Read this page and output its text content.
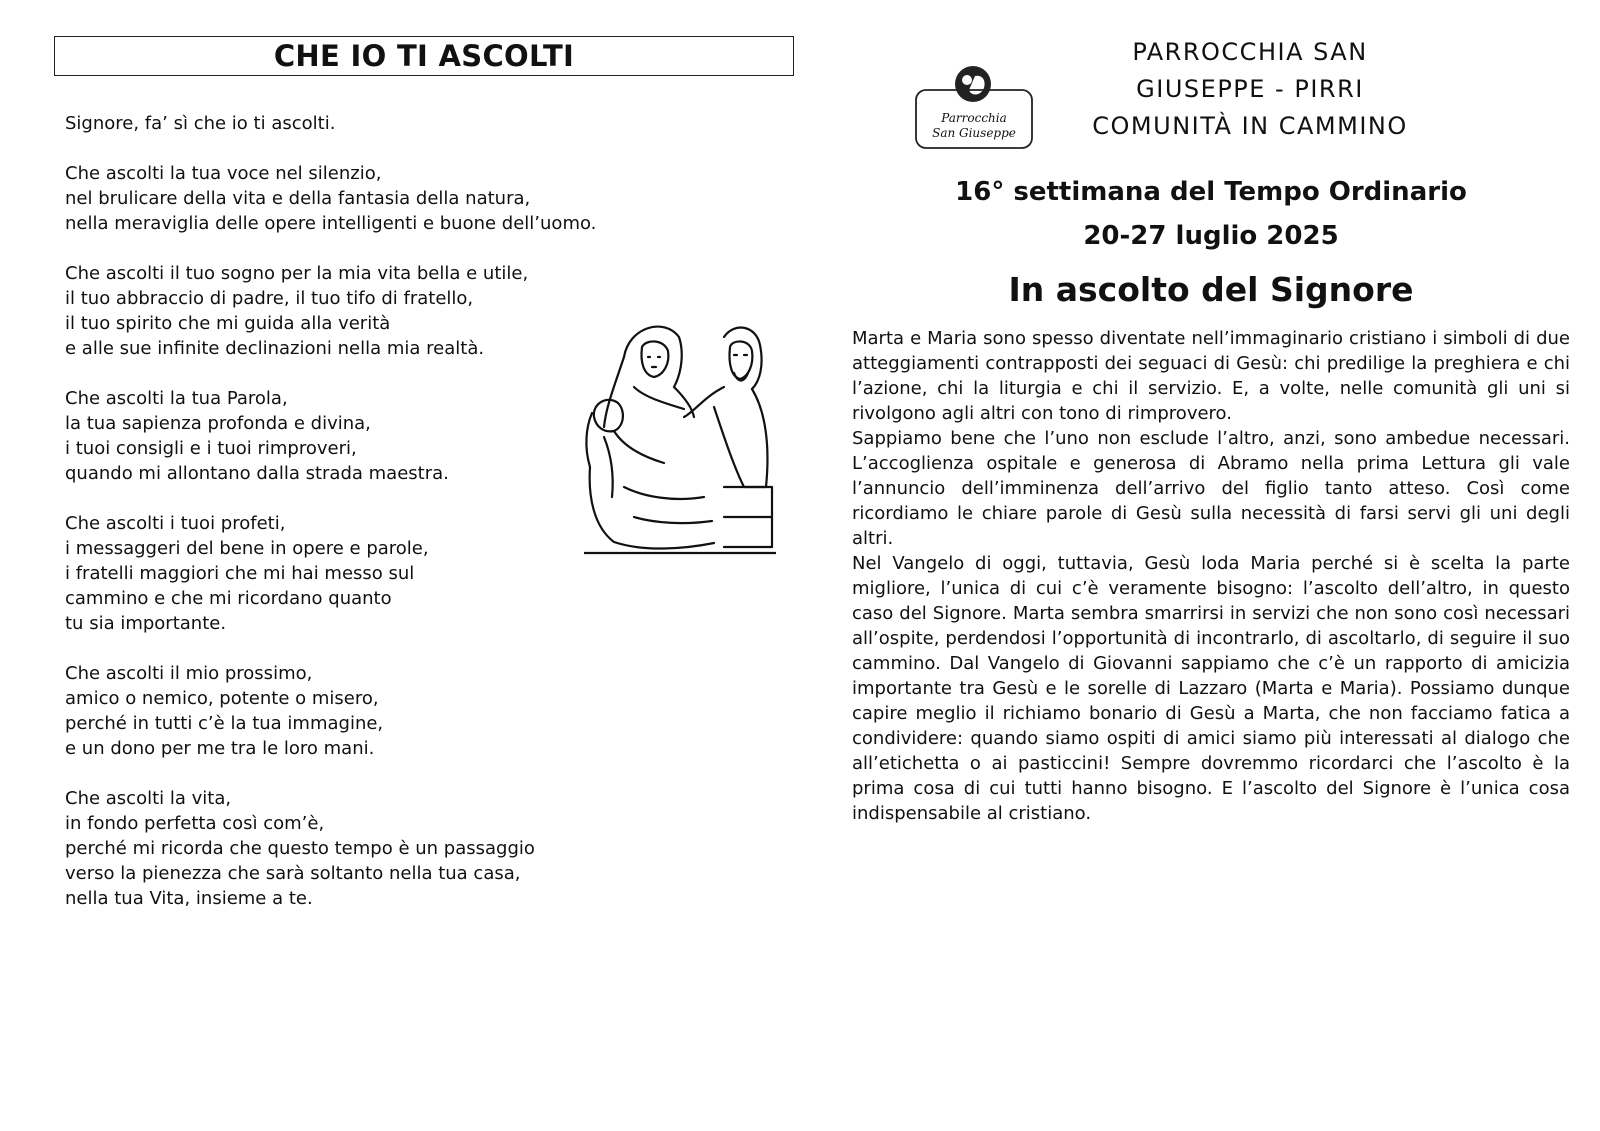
CHE IO TI ASCOLTI
Signore, fa’ sì che io ti ascolti.
Che ascolti la tua voce nel silenzio,
nel brulicare della vita e della fantasia della natura,
nella meraviglia delle opere intelligenti e buone dell’uomo.
Che ascolti il tuo sogno per la mia vita bella e utile,
il tuo abbraccio di padre, il tuo tifo di fratello,
il tuo spirito che mi guida alla verità
e alle sue infinite declinazioni nella mia realtà.
Che ascolti la tua Parola,
la tua sapienza profonda e divina,
i tuoi consigli e i tuoi rimproveri,
quando mi allontano dalla strada maestra.
Che ascolti i tuoi profeti,
i messaggeri del bene in opere e parole,
i fratelli maggiori che mi hai messo sul
cammino e che mi ricordano quanto
tu sia importante.
Che ascolti il mio prossimo,
amico o nemico, potente o misero,
perché in tutti c’è la tua immagine,
e un dono per me tra le loro mani.
Che ascolti la vita,
in fondo perfetta così com’è,
perché mi ricorda che questo tempo è un passaggio
verso la pienezza che sarà soltanto nella tua casa,
nella tua Vita, insieme a te.
Parrocchia
San Giuseppe
PARROCCHIA SAN
GIUSEPPE - PIRRI
COMUNITÀ IN CAMMINO
16° settimana del Tempo Ordinario
20-27 luglio 2025
In ascolto del Signore

Marta e Maria sono spesso diventate nell’immaginario cristiano i simboli di due atteggiamenti contrapposti dei seguaci di Gesù: chi predilige la preghiera e chi l’azione, chi la liturgia e chi il servizio. E, a volte, nelle comunità gli uni si rivolgono agli altri con tono di rimprovero.

Sappiamo bene che l’uno non esclude l’altro, anzi, sono ambedue necessari. L’accoglienza ospitale e generosa di Abramo nella prima Lettura gli vale l’annuncio dell’imminenza dell’arrivo del figlio tanto atteso. Così come ricordiamo le chiare parole di Gesù sulla necessità di farsi servi gli uni degli altri.

Nel Vangelo di oggi, tuttavia, Gesù loda Maria perché si è scelta la parte migliore, l’unica di cui c’è veramente bisogno: l’ascolto dell’altro, in questo caso del Signore. Marta sembra smarrirsi in servizi che non sono così necessari all’ospite, perdendosi l’opportunità di incontrarlo, di ascoltarlo, di seguire il suo cammino. Dal Vangelo di Giovanni sappiamo che c’è un rapporto di amicizia importante tra Gesù e le sorelle di Lazzaro (Marta e Maria). Possiamo dunque capire meglio il richiamo bonario di Gesù a Marta, che non facciamo fatica a condividere: quando siamo ospiti di amici siamo più interessati al dialogo che all’etichetta o ai pasticcini! Sempre dovremmo ricordarci che l’ascolto è la prima cosa di cui tutti hanno bisogno. E l’ascolto del Signore è l’unica cosa indispensabile al cristiano.
